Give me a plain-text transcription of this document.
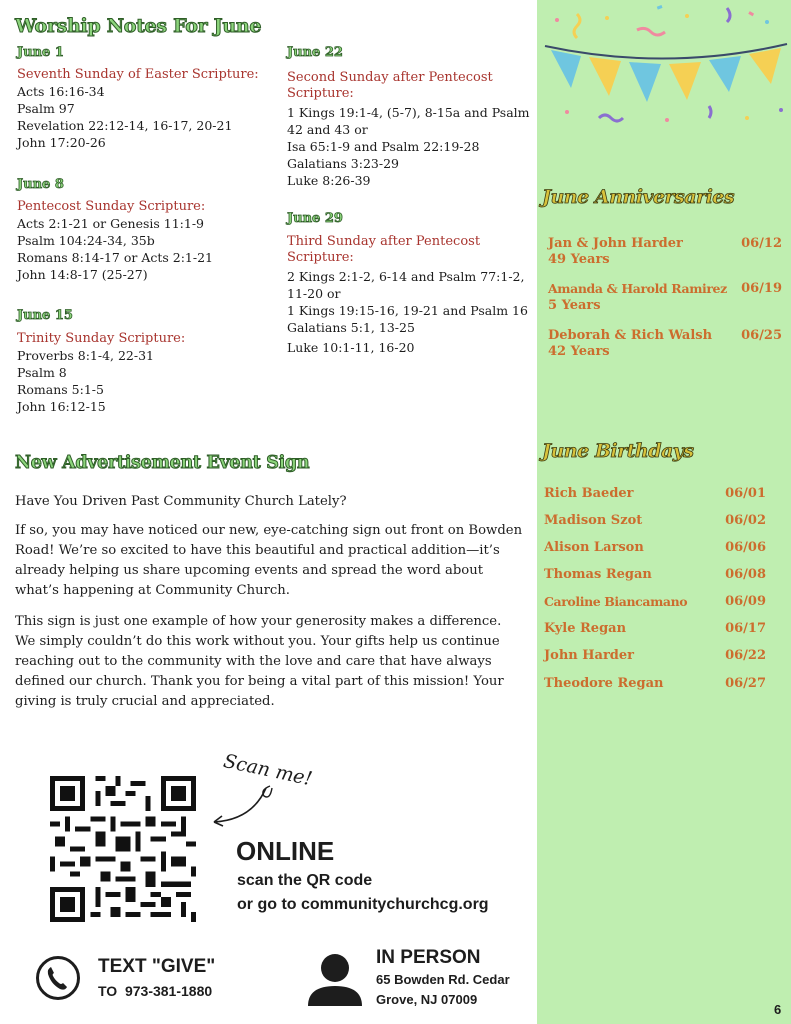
Worship Notes For June
June 1
Seventh Sunday of Easter Scripture:
Acts 16:16-34
Psalm 97
Revelation 22:12-14, 16-17, 20-21
John 17:20-26
June 8
Pentecost Sunday Scripture:
Acts 2:1-21 or Genesis 11:1-9
Psalm 104:24-34, 35b
Romans 8:14-17 or Acts 2:1-21
John 14:8-17 (25-27)
June 15
Trinity Sunday Scripture:
Proverbs 8:1-4, 22-31
Psalm 8
Romans 5:1-5
John 16:12-15
June 22
Second Sunday after Pentecost Scripture:
1 Kings 19:1-4, (5-7), 8-15a and Psalm 42 and 43 or
Isa 65:1-9 and Psalm 22:19-28
Galatians 3:23-29
Luke 8:26-39
June 29
Third Sunday after Pentecost Scripture:
2 Kings 2:1-2, 6-14 and Psalm 77:1-2, 11-20 or
1 Kings 19:15-16, 19-21 and Psalm 16
Galatians 5:1, 13-25
Luke 10:1-11, 16-20
New Advertisement Event Sign
Have You Driven Past Community Church Lately?
If so, you may have noticed our new, eye-catching sign out front on Bowden Road! We’re so excited to have this beautiful and practical addition—it’s already helping us share upcoming events and spread the word about what’s happening at Community Church.
This sign is just one example of how your generosity makes a difference. We simply couldn’t do this work without you. Your gifts help us continue reaching out to the community with the love and care that have always defined our church. Thank you for being a vital part of this mission! Your giving is truly crucial and appreciated.
Scan me!
ONLINE
scan the QR code
or go to communitychurchcg.org
TEXT "GIVE"
TO  973-381-1880
IN PERSON
65 Bowden Rd. Cedar
Grove, NJ 07009
June Anniversaries
Jan & John Harder	06/12
49 Years
Amanda & Harold Ramirez 06/19
5 Years
Deborah & Rich Walsh 06/25
42 Years
June Birthdays
Rich Baeder	06/01
Madison Szot	06/02
Alison Larson	06/06
Thomas Regan	06/08
Caroline Biancamano	06/09
Kyle Regan	06/17
John Harder	06/22
Theodore Regan	06/27
6
